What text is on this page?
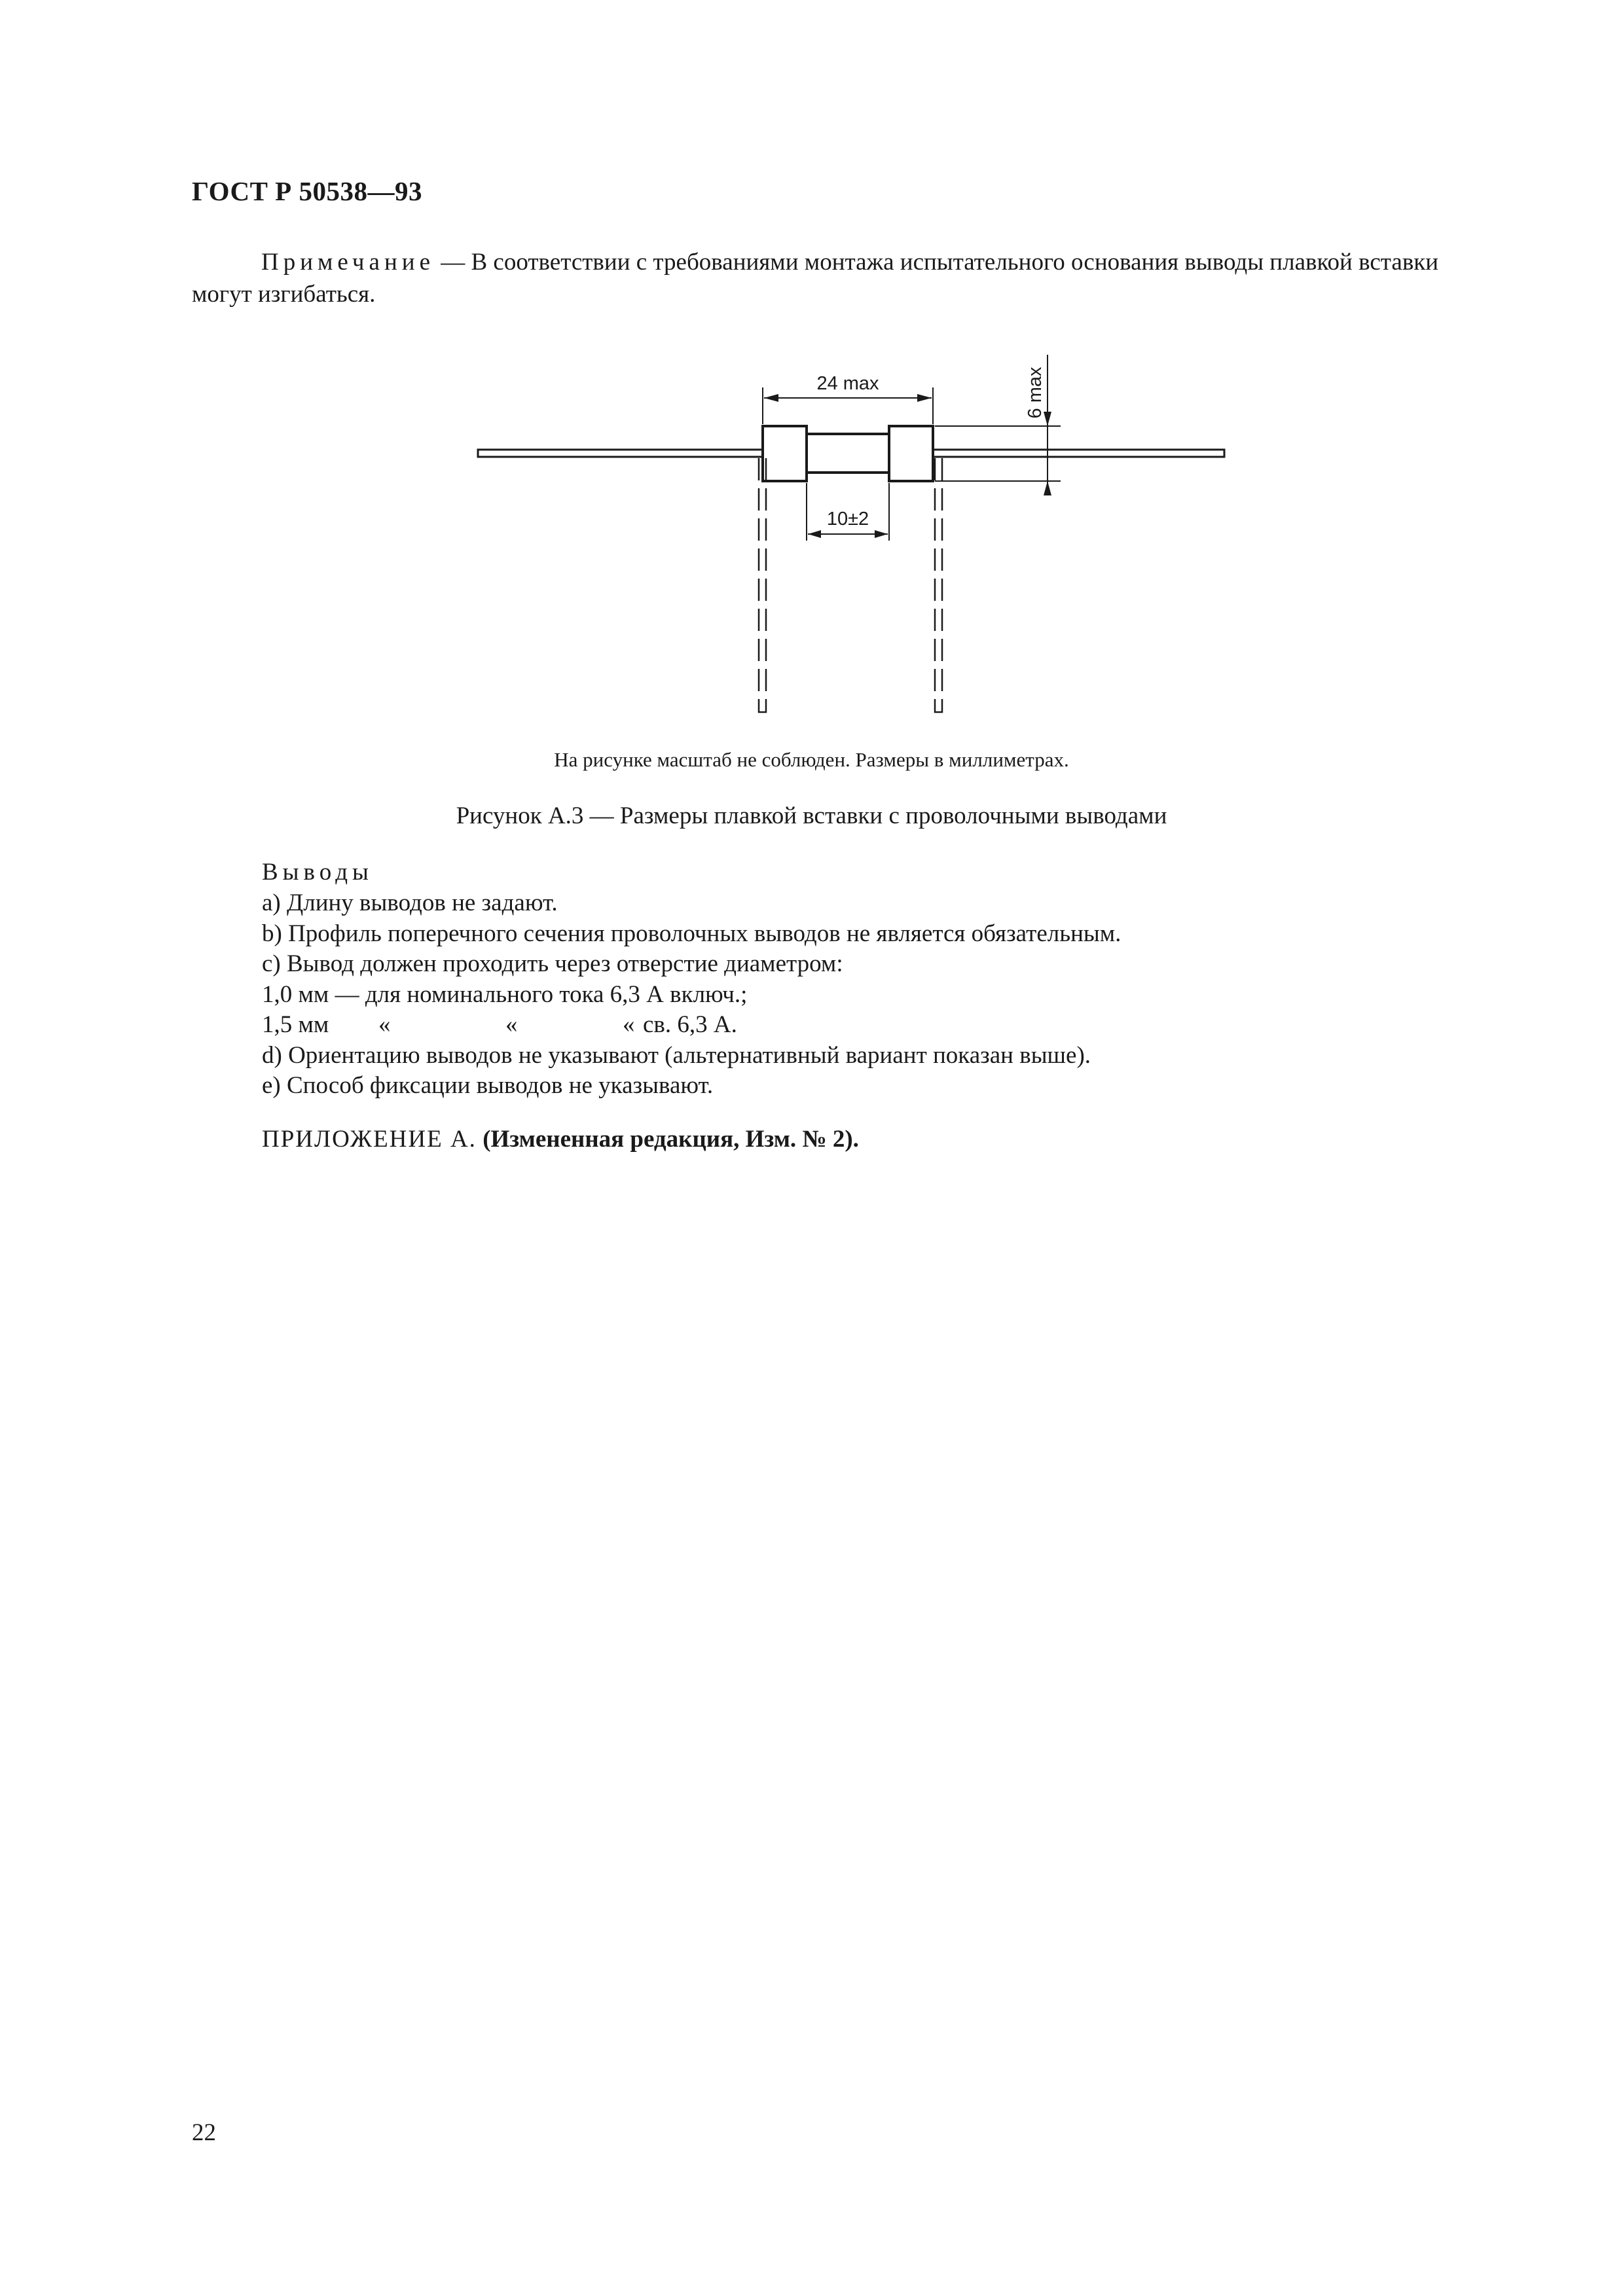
ГОСТ Р 50538—93
Примечание — В соответствии с требованиями монтажа испытательного основания выводы плавкой вставки могут изгибаться.
24 max
10±2
6 max
На рисунке масштаб не соблюден. Размеры в миллиметрах.
Рисунок А.3 — Размеры плавкой вставки с проволочными выводами
Выводы
a) Длину выводов не задают.
b) Профиль поперечного сечения проволочных выводов не является обязательным.
c) Вывод должен проходить через отверстие диаметром:
1,0 мм — для номинального тока 6,3 А включ.;
1,5 мм «	«	« св. 6,3 А.
d) Ориентацию выводов не указывают (альтернативный вариант показан выше).
e) Способ фиксации выводов не указывают.
ПРИЛОЖЕНИЕ А. (Измененная редакция, Изм. № 2).
22
